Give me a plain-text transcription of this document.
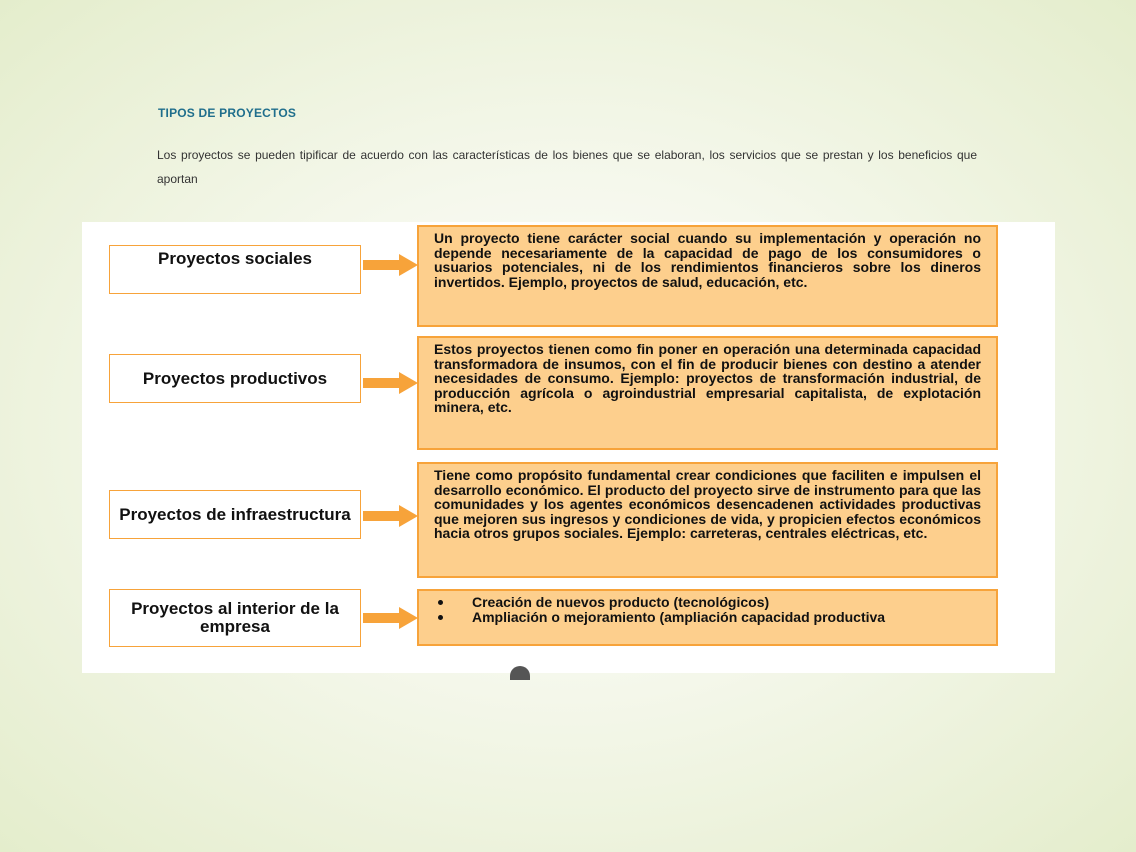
TIPOS DE PROYECTOS
Los proyectos se pueden tipificar de acuerdo con las características de los bienes que se elaboran, los servicios que se prestan y los beneficios que aportan
Proyectos sociales
Un proyecto tiene carácter social cuando su implementación y operación no depende necesariamente de la capacidad de pago de los consumidores o usuarios potenciales, ni de los rendimientos financieros sobre los dineros invertidos. Ejemplo, proyectos de salud, educación, etc.
Proyectos productivos
Estos proyectos tienen como fin poner en operación una determinada capacidad transformadora de insumos, con el fin de producir bienes con destino a atender necesidades de consumo. Ejemplo: proyectos de transformación industrial, de producción agrícola o agroindustrial empresarial capitalista, de explotación minera, etc.
Proyectos de infraestructura
Tiene como propósito fundamental crear condiciones que faciliten e impulsen el desarrollo económico. El producto del proyecto sirve de instrumento para que las comunidades y los agentes económicos desencadenen actividades productivas que mejoren sus ingresos y condiciones de vida, y propicien efectos económicos hacia otros grupos sociales. Ejemplo: carreteras, centrales eléctricas, etc.
Proyectos al interior de la empresa
Creación de nuevos producto (tecnológicos)
Ampliación o mejoramiento (ampliación capacidad productiva
